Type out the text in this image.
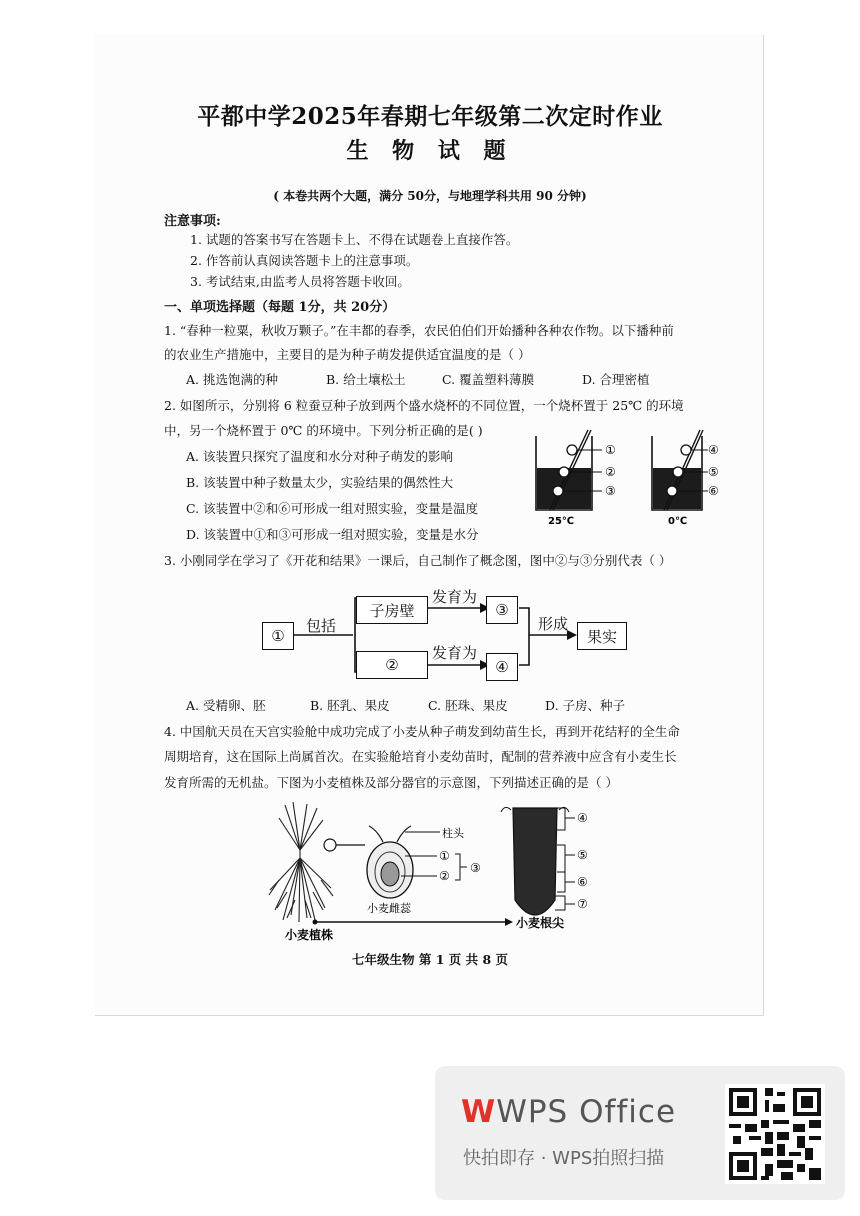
平都中学2025年春期七年级第二次定时作业
生 物 试 题
( 本卷共两个大题，满分 50分，与地理学科共用 90 分钟)
注意事项:
1. 试题的答案书写在答题卡上、不得在试题卷上直接作答。
2. 作答前认真阅读答题卡上的注意事项。
3. 考试结束,由监考人员将答题卡收回。
一、单项选择题（每题 1分，共 20分）
1. “春种一粒粟，秋收万颗子。”在丰都的春季，农民伯伯们开始播种各种农作物。以下播种前
的农业生产措施中，主要目的是为种子萌发提供适宜温度的是（ ）
A. 挑选饱满的种	B. 给土壤松土	C. 覆盖塑料薄膜	D. 合理密植
2. 如图所示，分别将 6 粒蚕豆种子放到两个盛水烧杯的不同位置，一个烧杯置于 25℃ 的环境
中，另一个烧杯置于 0℃ 的环境中。下列分析正确的是( )
A. 该装置只探究了温度和水分对种子萌发的影响
B. 该装置中种子数量太少，实验结果的偶然性大
C. 该装置中②和⑥可形成一组对照实验，变量是温度
D. 该装置中①和③可形成一组对照实验，变量是水分
①
②
③
25℃
④
⑤
⑥
0℃
3. 小刚同学在学习了《开花和结果》一课后，自己制作了概念图，图中②与③分别代表（ ）
①
包括
子房壁
发育为
③
②
发育为
④
形成
果实
A. 受精卵、胚	B. 胚乳、果皮	C. 胚珠、果皮	D. 子房、种子
4. 中国航天员在天宫实验舱中成功完成了小麦从种子萌发到幼苗生长，再到开花结籽的全生命
周期培育，这在国际上尚属首次。在实验舱培育小麦幼苗时，配制的营养液中应含有小麦生长
发育所需的无机盐。下图为小麦植株及部分器官的示意图，下列描述正确的是（ ）
柱头
①
②
③
小麦雌蕊
④
⑤
⑥
⑦
小麦根尖
小麦植株
七年级生物 第 1 页 共 8 页
WWPS Office
快拍即存 · WPS拍照扫描
